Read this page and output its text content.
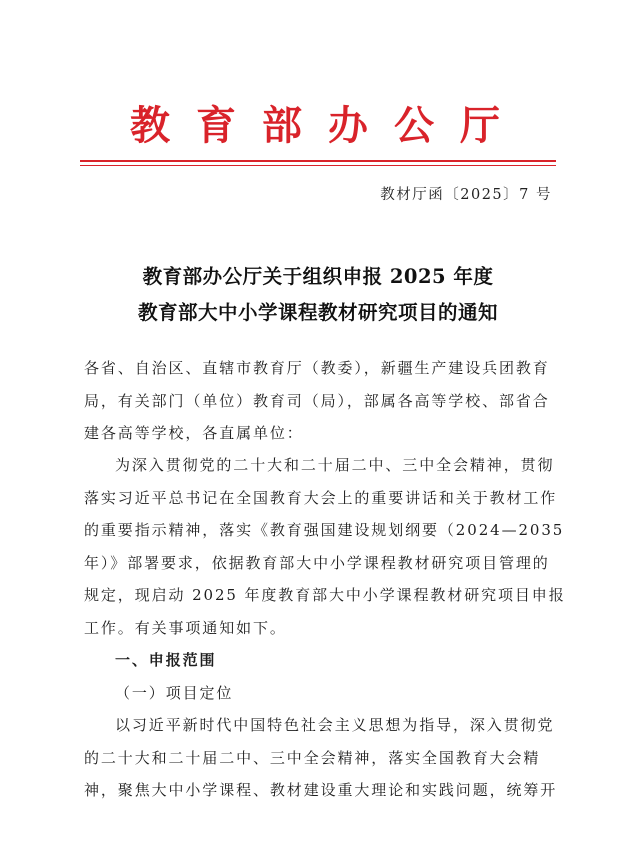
教育部办公厅
教材厅函〔2025〕7 号
教育部办公厅关于组织申报 2025 年度
教育部大中小学课程教材研究项目的通知
各省、自治区、直辖市教育厅（教委），新疆生产建设兵团教育
局，有关部门（单位）教育司（局），部属各高等学校、部省合
建各高等学校，各直属单位：
为深入贯彻党的二十大和二十届二中、三中全会精神，贯彻
落实习近平总书记在全国教育大会上的重要讲话和关于教材工作
的重要指示精神，落实《教育强国建设规划纲要（2024—2035
年）》部署要求，依据教育部大中小学课程教材研究项目管理的
规定，现启动 2025 年度教育部大中小学课程教材研究项目申报
工作。有关事项通知如下。
一、申报范围
（一）项目定位
以习近平新时代中国特色社会主义思想为指导，深入贯彻党
的二十大和二十届二中、三中全会精神，落实全国教育大会精
神，聚焦大中小学课程、教材建设重大理论和实践问题，统筹开
